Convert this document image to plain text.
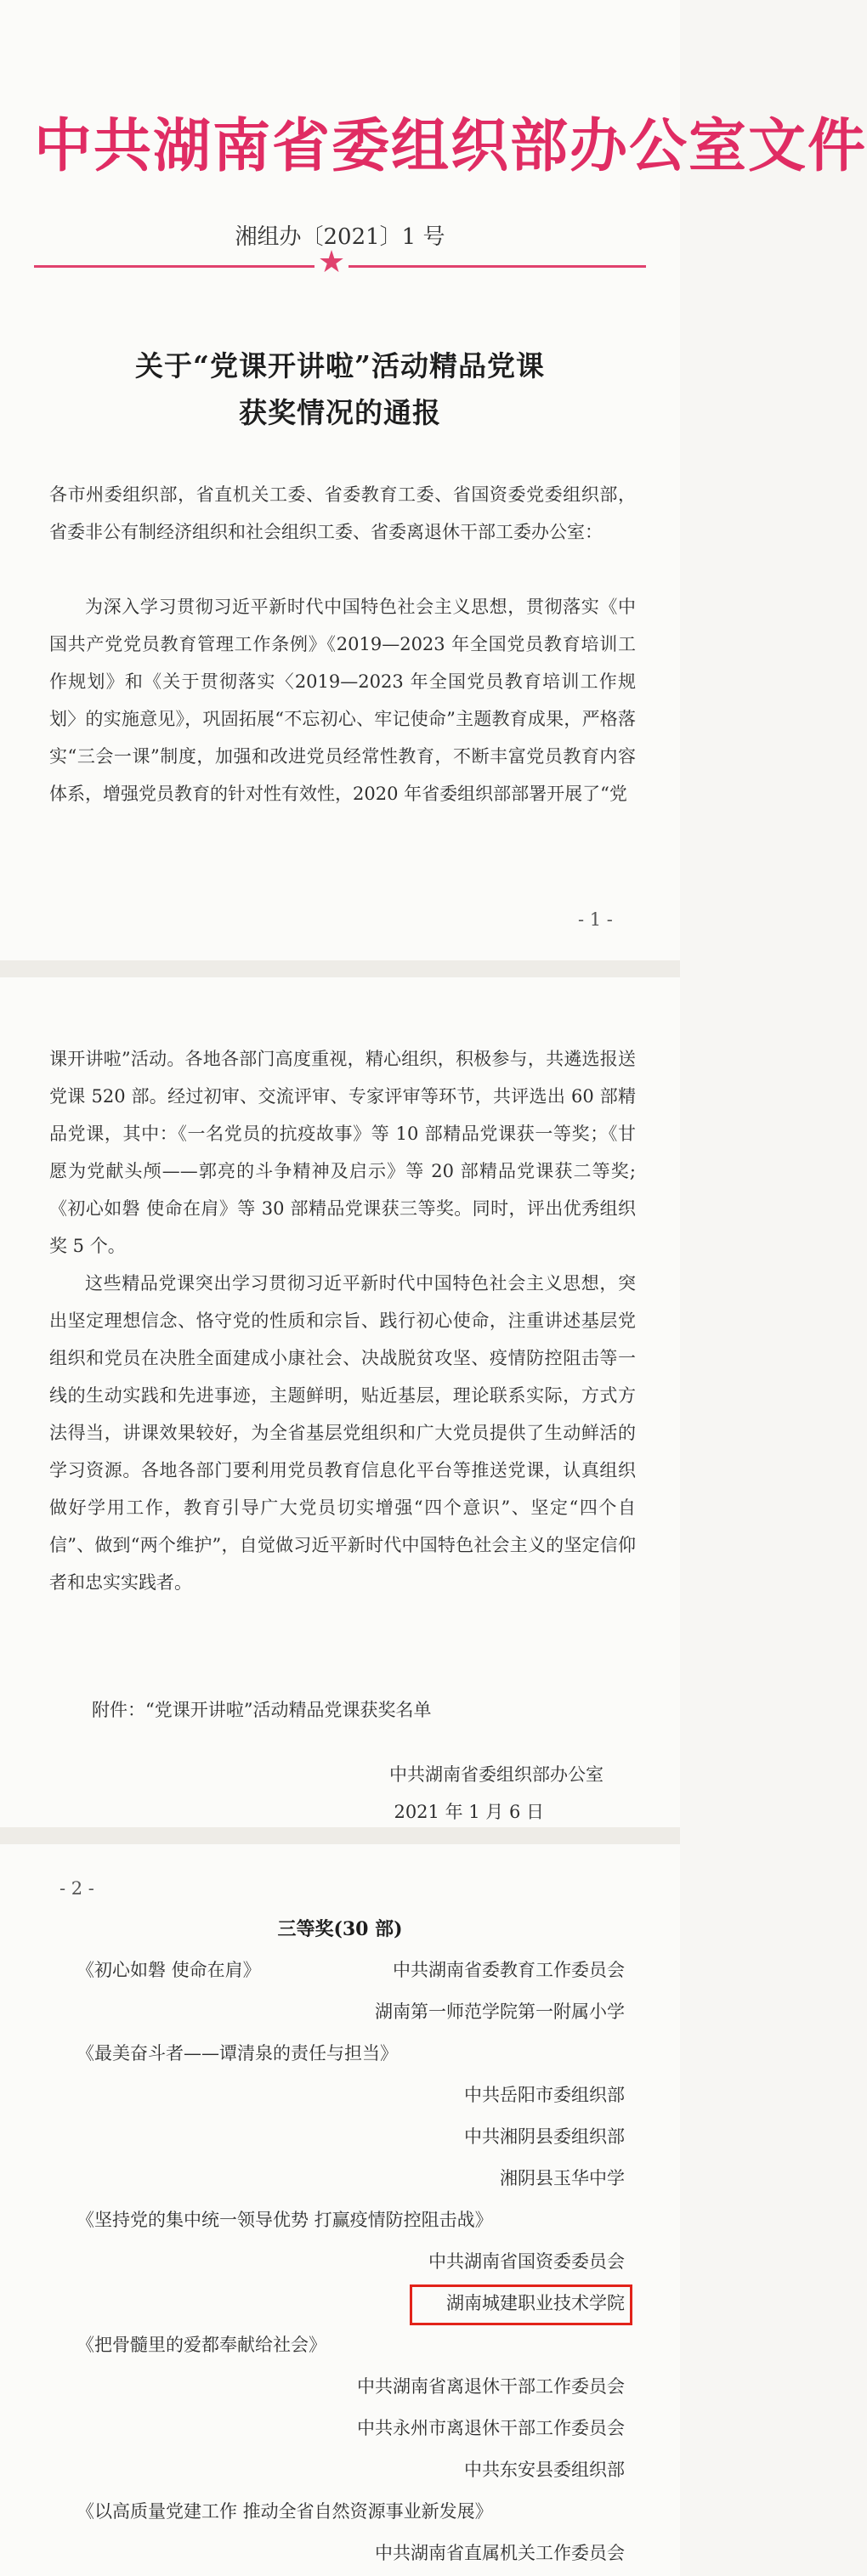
中共湖南省委组织部办公室文件
湘组办〔2021〕1 号
★
关于“党课开讲啦”活动精品党课
获奖情况的通报
各市州委组织部，省直机关工委、省委教育工委、省国资委党委组织部，省委非公有制经济组织和社会组织工委、省委离退休干部工委办公室：
为深入学习贯彻习近平新时代中国特色社会主义思想，贯彻落实《中国共产党党员教育管理工作条例》《2019—2023 年全国党员教育培训工作规划》和《关于贯彻落实〈2019—2023 年全国党员教育培训工作规划〉的实施意见》，巩固拓展“不忘初心、牢记使命”主题教育成果，严格落实“三会一课”制度，加强和改进党员经常性教育，不断丰富党员教育内容体系，增强党员教育的针对性有效性，2020 年省委组织部部署开展了“党
- 1 -
课开讲啦”活动。各地各部门高度重视，精心组织，积极参与，共遴选报送党课 520 部。经过初审、交流评审、专家评审等环节，共评选出 60 部精品党课，其中：《一名党员的抗疫故事》等 10 部精品党课获一等奖；《甘愿为党献头颅——郭亮的斗争精神及启示》等 20 部精品党课获二等奖;《初心如磐 使命在肩》等 30 部精品党课获三等奖。同时，评出优秀组织奖 5 个。
这些精品党课突出学习贯彻习近平新时代中国特色社会主义思想，突出坚定理想信念、恪守党的性质和宗旨、践行初心使命，注重讲述基层党组织和党员在决胜全面建成小康社会、决战脱贫攻坚、疫情防控阻击等一线的生动实践和先进事迹，主题鲜明，贴近基层，理论联系实际，方式方法得当，讲课效果较好，为全省基层党组织和广大党员提供了生动鲜活的学习资源。各地各部门要利用党员教育信息化平台等推送党课，认真组织做好学用工作，教育引导广大党员切实增强“四个意识”、坚定“四个自信”、做到“两个维护”，自觉做习近平新时代中国特色社会主义的坚定信仰者和忠实实践者。
附件：“党课开讲啦”活动精品党课获奖名单
中共湖南省委组织部办公室
2021 年 1 月 6 日
- 2 -
三等奖(30 部)
《初心如磐 使命在肩》	中共湖南省委教育工作委员会
湖南第一师范学院第一附属小学
《最美奋斗者——谭清泉的责任与担当》
中共岳阳市委组织部
中共湘阴县委组织部
湘阴县玉华中学
《坚持党的集中统一领导优势 打赢疫情防控阻击战》
中共湖南省国资委委员会
湖南城建职业技术学院
《把骨髓里的爱都奉献给社会》
中共湖南省离退休干部工作委员会
中共永州市离退休干部工作委员会
中共东安县委组织部
《以高质量党建工作 推动全省自然资源事业新发展》
中共湖南省直属机关工作委员会
